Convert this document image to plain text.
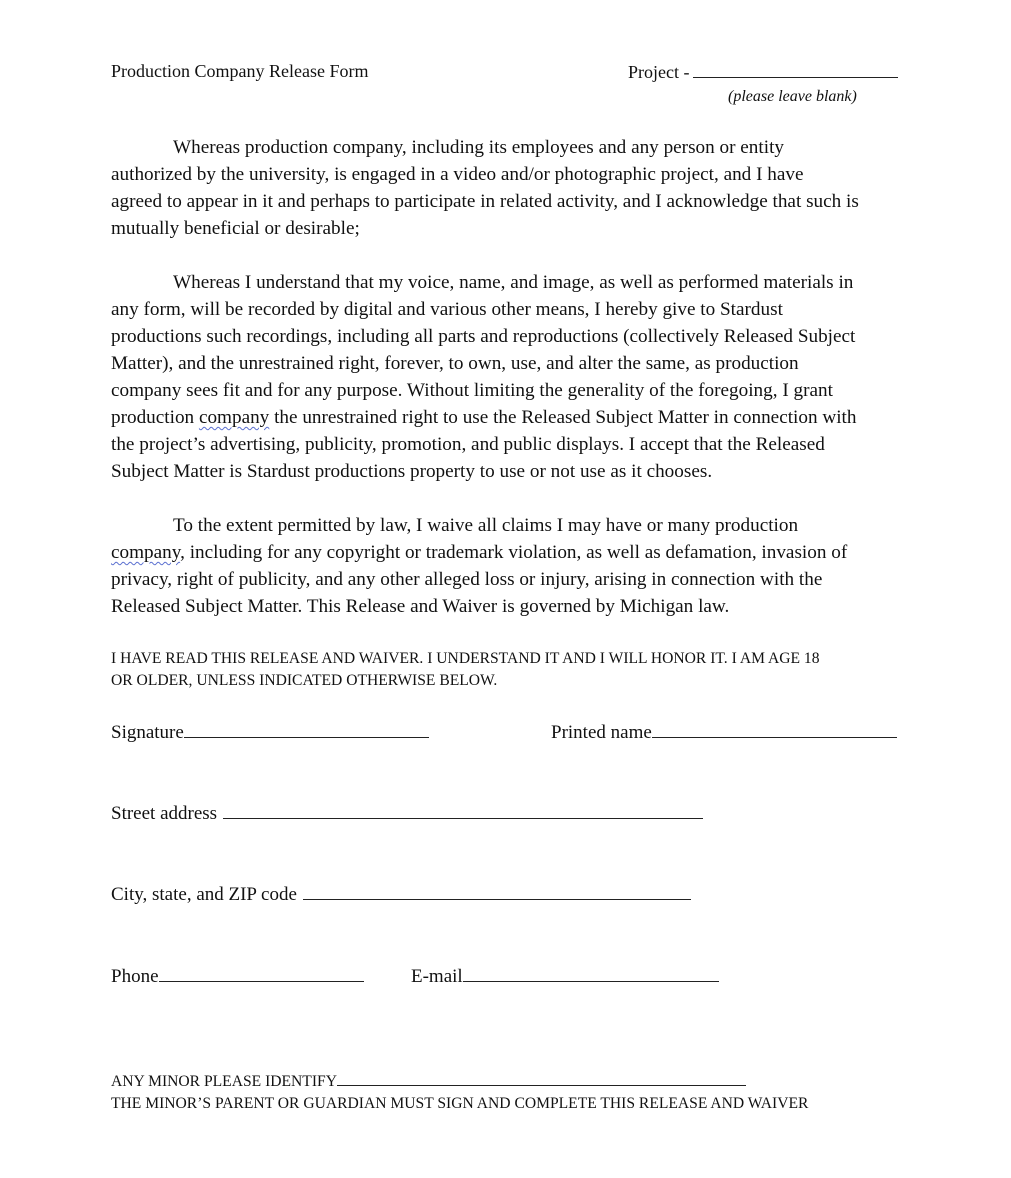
Production Company Release Form	Project -
(please leave blank)
Whereas production company, including its employees and any person or entity
authorized by the university, is engaged in a video and/or photographic project, and I have
agreed to appear in it and perhaps to participate in related activity, and I acknowledge that such is
mutually beneficial or desirable;
Whereas I understand that my voice, name, and image, as well as performed materials in
any form, will be recorded by digital and various other means, I hereby give to Stardust
productions such recordings, including all parts and reproductions (collectively Released Subject
Matter), and the unrestrained right, forever, to own, use, and alter the same, as production
company sees fit and for any purpose. Without limiting the generality of the foregoing, I grant
production company the unrestrained right to use the Released Subject Matter in connection with
the project’s advertising, publicity, promotion, and public displays. I accept that the Released
Subject Matter is Stardust productions property to use or not use as it chooses.
To the extent permitted by law, I waive all claims I may have or many production
company, including for any copyright or trademark violation, as well as defamation, invasion of
privacy, right of publicity, and any other alleged loss or injury, arising in connection with the
Released Subject Matter. This Release and Waiver is governed by Michigan law.
I HAVE READ THIS RELEASE AND WAIVER. I UNDERSTAND IT AND I WILL HONOR IT. I AM AGE 18
OR OLDER, UNLESS INDICATED OTHERWISE BELOW.
Signature	Printed name
Street address
City, state, and ZIP code
Phone	E-mail
ANY MINOR PLEASE IDENTIFY
THE MINOR’S PARENT OR GUARDIAN MUST SIGN AND COMPLETE THIS RELEASE AND WAIVER
